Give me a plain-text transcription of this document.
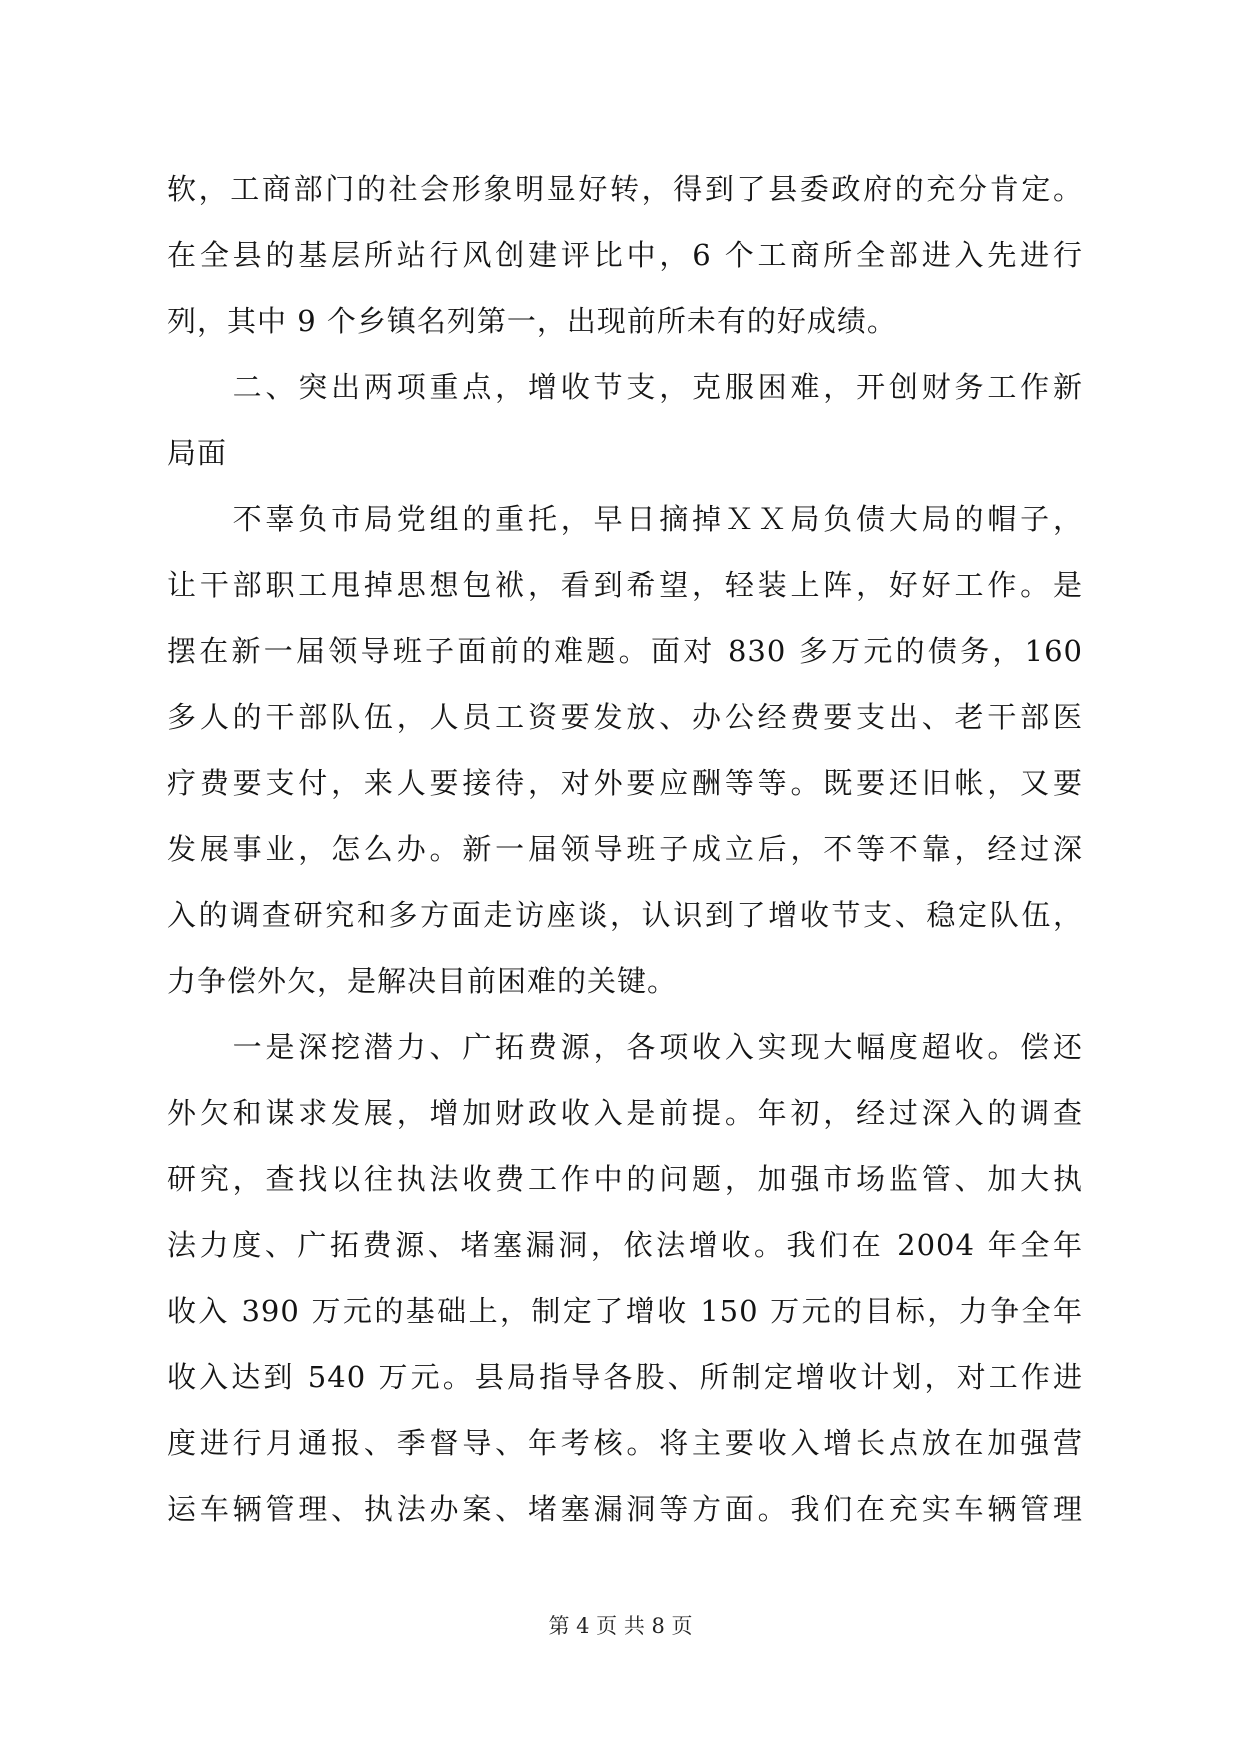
软，工商部门的社会形象明显好转，得到了县委政府的充分肯定。
在全县的基层所站行风创建评比中，6 个工商所全部进入先进行
列，其中 9 个乡镇名列第一，出现前所未有的好成绩。
　　二、突出两项重点，增收节支，克服困难，开创财务工作新
局面
　　不辜负市局党组的重托，早日摘掉ＸＸ局负债大局的帽子，
让干部职工甩掉思想包袱，看到希望，轻装上阵，好好工作。是
摆在新一届领导班子面前的难题。面对 830 多万元的债务，160
多人的干部队伍，人员工资要发放、办公经费要支出、老干部医
疗费要支付，来人要接待，对外要应酬等等。既要还旧帐，又要
发展事业，怎么办。新一届领导班子成立后，不等不靠，经过深
入的调查研究和多方面走访座谈，认识到了增收节支、稳定队伍，
力争偿外欠，是解决目前困难的关键。
　　一是深挖潜力、广拓费源，各项收入实现大幅度超收。偿还
外欠和谋求发展，增加财政收入是前提。年初，经过深入的调查
研究，查找以往执法收费工作中的问题，加强市场监管、加大执
法力度、广拓费源、堵塞漏洞，依法增收。我们在 2004 年全年
收入 390 万元的基础上，制定了增收 150 万元的目标，力争全年
收入达到 540 万元。县局指导各股、所制定增收计划，对工作进
度进行月通报、季督导、年考核。将主要收入增长点放在加强营
运车辆管理、执法办案、堵塞漏洞等方面。我们在充实车辆管理
第 4 页 共 8 页
